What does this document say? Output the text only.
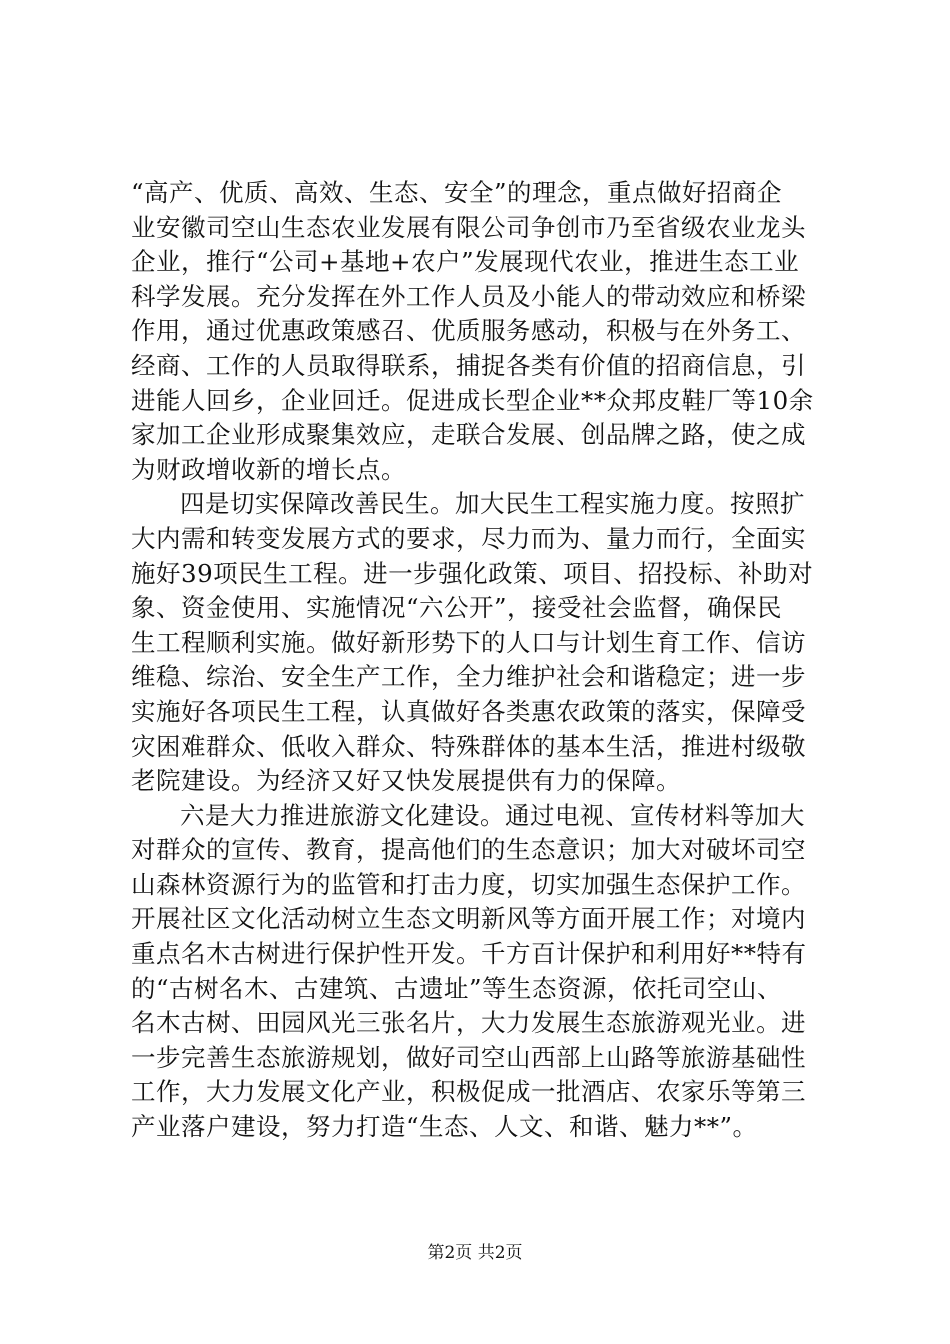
“高产、优质、高效、生态、安全”的理念，重点做好招商企
业安徽司空山生态农业发展有限公司争创市乃至省级农业龙头
企业，推行“公司+基地+农户”发展现代农业，推进生态工业
科学发展。充分发挥在外工作人员及小能人的带动效应和桥梁
作用，通过优惠政策感召、优质服务感动，积极与在外务工、
经商、工作的人员取得联系，捕捉各类有价值的招商信息，引
进能人回乡，企业回迁。促进成长型企业**众邦皮鞋厂等10余
家加工企业形成聚集效应，走联合发展、创品牌之路，使之成
为财政增收新的增长点。

四是切实保障改善民生。加大民生工程实施力度。按照扩
大内需和转变发展方式的要求，尽力而为、量力而行，全面实
施好39项民生工程。进一步强化政策、项目、招投标、补助对
象、资金使用、实施情况“六公开”，接受社会监督，确保民
生工程顺利实施。做好新形势下的人口与计划生育工作、信访
维稳、综治、安全生产工作，全力维护社会和谐稳定；进一步
实施好各项民生工程，认真做好各类惠农政策的落实，保障受
灾困难群众、低收入群众、特殊群体的基本生活，推进村级敬
老院建设。为经济又好又快发展提供有力的保障。

六是大力推进旅游文化建设。通过电视、宣传材料等加大
对群众的宣传、教育，提高他们的生态意识；加大对破坏司空
山森林资源行为的监管和打击力度，切实加强生态保护工作。
开展社区文化活动树立生态文明新风等方面开展工作；对境内
重点名木古树进行保护性开发。千方百计保护和利用好**特有
的“古树名木、古建筑、古遗址”等生态资源，依托司空山、
名木古树、田园风光三张名片，大力发展生态旅游观光业。进
一步完善生态旅游规划，做好司空山西部上山路等旅游基础性
工作，大力发展文化产业，积极促成一批酒店、农家乐等第三
产业落户建设，努力打造“生态、人文、和谐、魅力**”。

第2页 共2页
